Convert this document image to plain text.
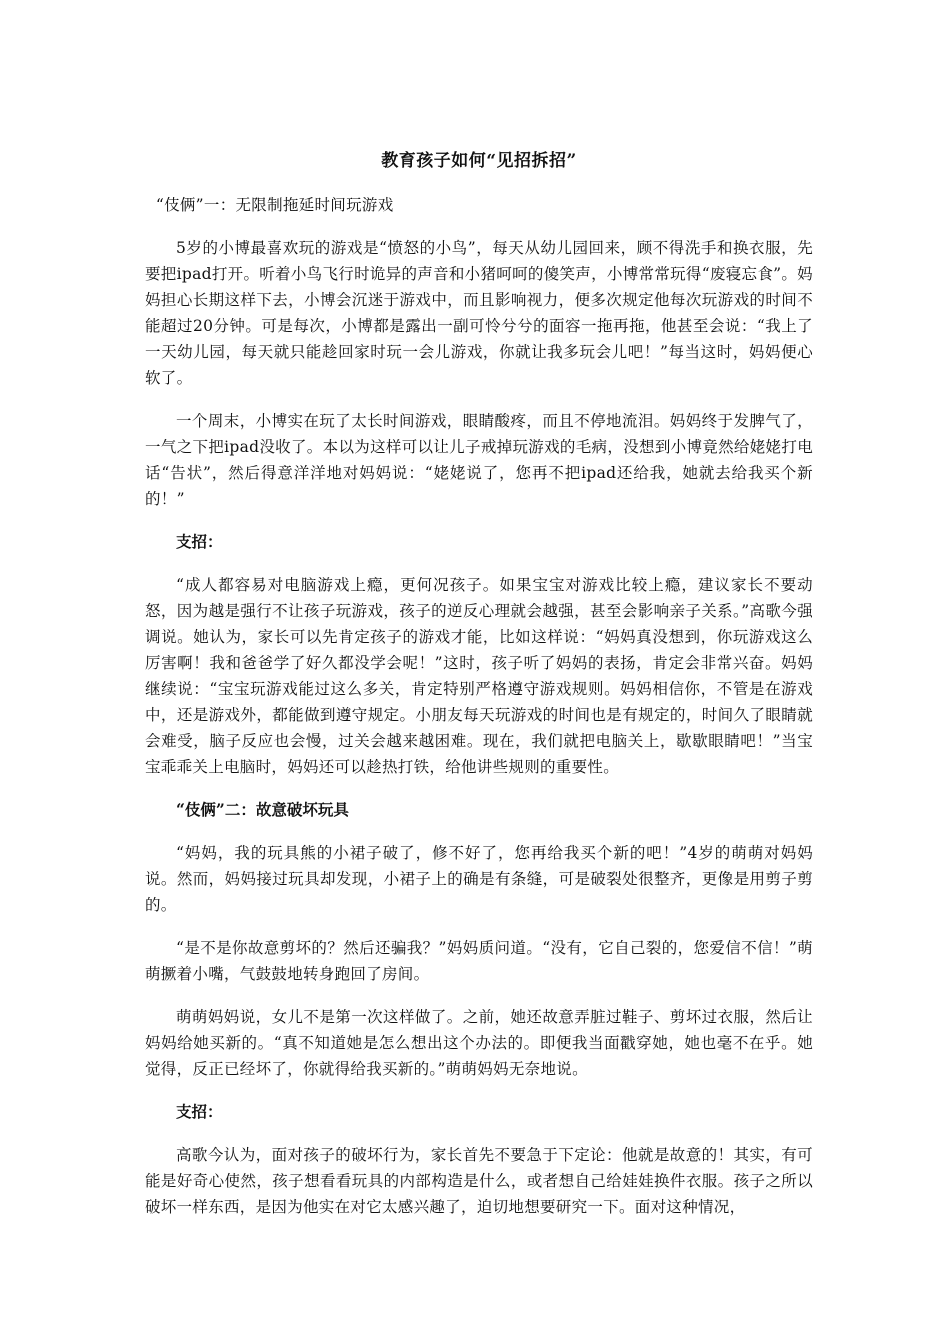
教育孩子如何“见招拆招”
“伎俩”一：无限制拖延时间玩游戏
5岁的小博最喜欢玩的游戏是“愤怒的小鸟”，每天从幼儿园回来，顾不得洗手和换衣服，先要把ipad打开。听着小鸟飞行时诡异的声音和小猪呵呵的傻笑声，小博常常玩得“废寝忘食”。妈妈担心长期这样下去，小博会沉迷于游戏中，而且影响视力，便多次规定他每次玩游戏的时间不能超过20分钟。可是每次，小博都是露出一副可怜兮兮的面容一拖再拖，他甚至会说：“我上了一天幼儿园，每天就只能趁回家时玩一会儿游戏，你就让我多玩会儿吧！”每当这时，妈妈便心软了。
一个周末，小博实在玩了太长时间游戏，眼睛酸疼，而且不停地流泪。妈妈终于发脾气了，一气之下把ipad没收了。本以为这样可以让儿子戒掉玩游戏的毛病，没想到小博竟然给姥姥打电话“告状”，然后得意洋洋地对妈妈说：“姥姥说了，您再不把ipad还给我，她就去给我买个新的！”
支招：
“成人都容易对电脑游戏上瘾，更何况孩子。如果宝宝对游戏比较上瘾，建议家长不要动怒，因为越是强行不让孩子玩游戏，孩子的逆反心理就会越强，甚至会影响亲子关系。”高歌今强调说。她认为，家长可以先肯定孩子的游戏才能，比如这样说：“妈妈真没想到，你玩游戏这么厉害啊！我和爸爸学了好久都没学会呢！”这时，孩子听了妈妈的表扬，肯定会非常兴奋。妈妈继续说：“宝宝玩游戏能过这么多关，肯定特别严格遵守游戏规则。妈妈相信你，不管是在游戏中，还是游戏外，都能做到遵守规定。小朋友每天玩游戏的时间也是有规定的，时间久了眼睛就会难受，脑子反应也会慢，过关会越来越困难。现在，我们就把电脑关上，歇歇眼睛吧！”当宝宝乖乖关上电脑时，妈妈还可以趁热打铁，给他讲些规则的重要性。
“伎俩”二：故意破坏玩具
“妈妈，我的玩具熊的小裙子破了，修不好了，您再给我买个新的吧！”4岁的萌萌对妈妈说。然而，妈妈接过玩具却发现，小裙子上的确是有条缝，可是破裂处很整齐，更像是用剪子剪的。
“是不是你故意剪坏的？然后还骗我？”妈妈质问道。“没有，它自己裂的，您爱信不信！”萌萌撅着小嘴，气鼓鼓地转身跑回了房间。
萌萌妈妈说，女儿不是第一次这样做了。之前，她还故意弄脏过鞋子、剪坏过衣服，然后让妈妈给她买新的。“真不知道她是怎么想出这个办法的。即便我当面戳穿她，她也毫不在乎。她觉得，反正已经坏了，你就得给我买新的。”萌萌妈妈无奈地说。
支招：
高歌今认为，面对孩子的破坏行为，家长首先不要急于下定论：他就是故意的！其实，有可能是好奇心使然，孩子想看看玩具的内部构造是什么，或者想自己给娃娃换件衣服。孩子之所以破坏一样东西，是因为他实在对它太感兴趣了，迫切地想要研究一下。面对这种情况，
